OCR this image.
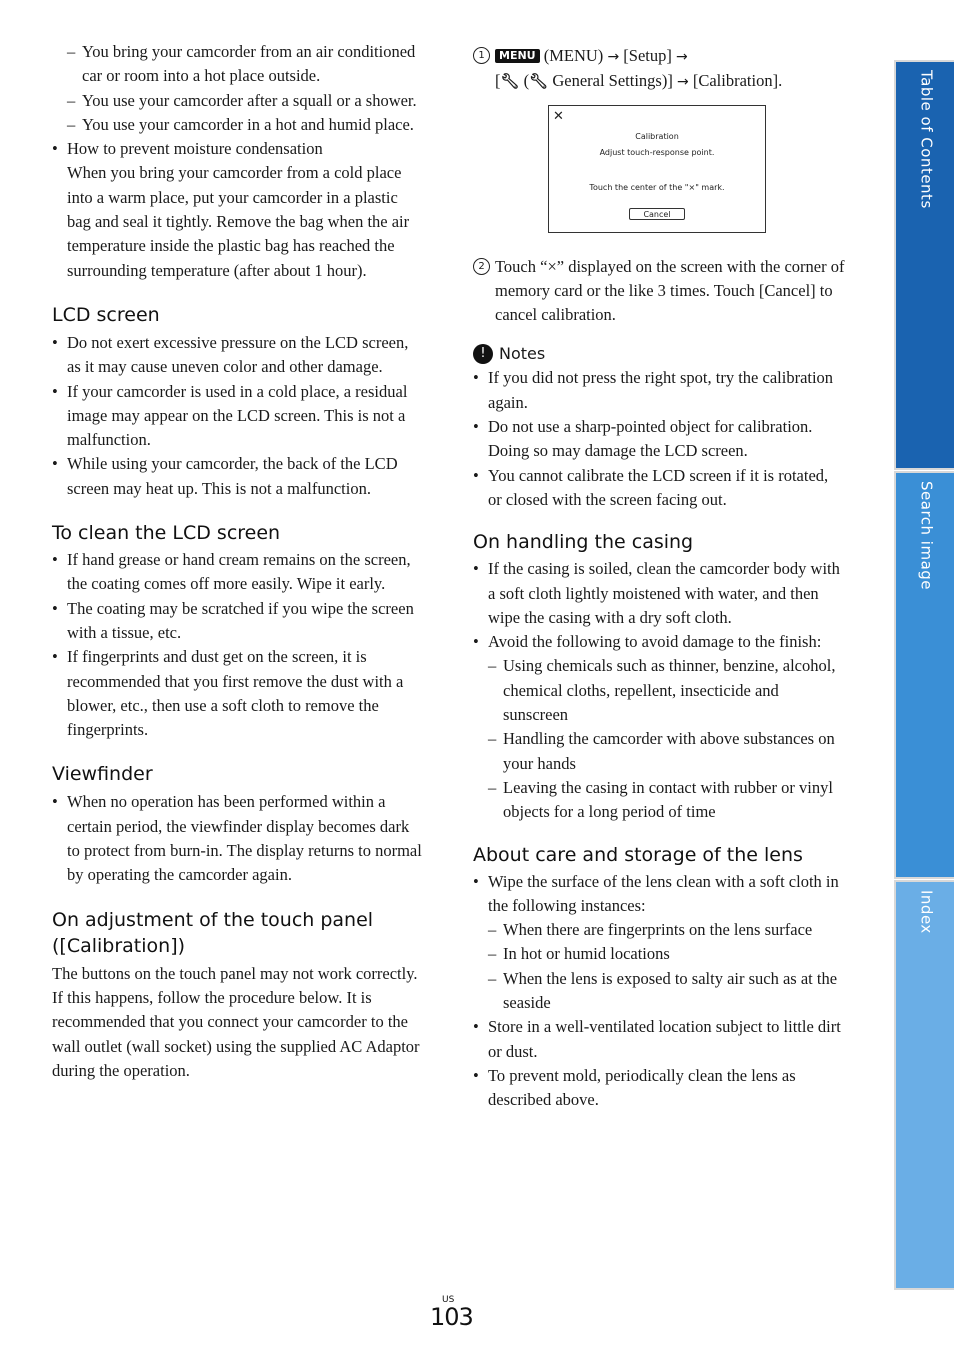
– You bring your camcorder from an air conditioned car or room into a hot place outside.
– You use your camcorder after a squall or a shower.
– You use your camcorder in a hot and humid place.
• How to prevent moisture condensation
When you bring your camcorder from a cold place into a warm place, put your camcorder in a plastic bag and seal it tightly. Remove the bag when the air temperature inside the plastic bag has reached the surrounding temperature (after about 1 hour).
LCD screen
• Do not exert excessive pressure on the LCD screen, as it may cause uneven color and other damage.
• If your camcorder is used in a cold place, a residual image may appear on the LCD screen. This is not a malfunction.
• While using your camcorder, the back of the LCD screen may heat up. This is not a malfunction.
To clean the LCD screen
• If hand grease or hand cream remains on the screen, the coating comes off more easily. Wipe it early.
• The coating may be scratched if you wipe the screen with a tissue, etc.
• If fingerprints and dust get on the screen, it is recommended that you first remove the dust with a blower, etc., then use a soft cloth to remove the fingerprints.
Viewfinder
• When no operation has been performed within a certain period, the viewfinder display becomes dark to protect from burn-in. The display returns to normal by operating the camcorder again.
On adjustment of the touch panel ([Calibration])

The buttons on the touch panel may not work correctly. If this happens, follow the procedure below. It is recommended that you connect your camcorder to the wall outlet (wall socket) using the supplied AC Adaptor during the operation.

1	MENU (MENU) → [Setup] →
[🔧︎ (🔧︎ General Settings)] → [Calibration].
✕
Calibration
Adjust touch-response point.
Touch the center of the "×" mark.
Cancel
2 Touch “×” displayed on the screen with the corner of memory card or the like 3 times. Touch [Cancel] to cancel calibration.
! Notes
• If you did not press the right spot, try the calibration again.
• Do not use a sharp-pointed object for calibration. Doing so may damage the LCD screen.
• You cannot calibrate the LCD screen if it is rotated, or closed with the screen facing out.
On handling the casing
• If the casing is soiled, clean the camcorder body with a soft cloth lightly moistened with water, and then wipe the casing with a dry soft cloth.
• Avoid the following to avoid damage to the finish:
– Using chemicals such as thinner, benzine, alcohol, chemical cloths, repellent, insecticide and sunscreen
– Handling the camcorder with above substances on your hands
– Leaving the casing in contact with rubber or vinyl objects for a long period of time
About care and storage of the lens
• Wipe the surface of the lens clean with a soft cloth in the following instances:
– When there are fingerprints on the lens surface
– In hot or humid locations
– When the lens is exposed to salty air such as at the seaside
• Store in a well-ventilated location subject to little dirt or dust.
• To prevent mold, periodically clean the lens as described above.
Table of Contents
Search image
Index
US
103
